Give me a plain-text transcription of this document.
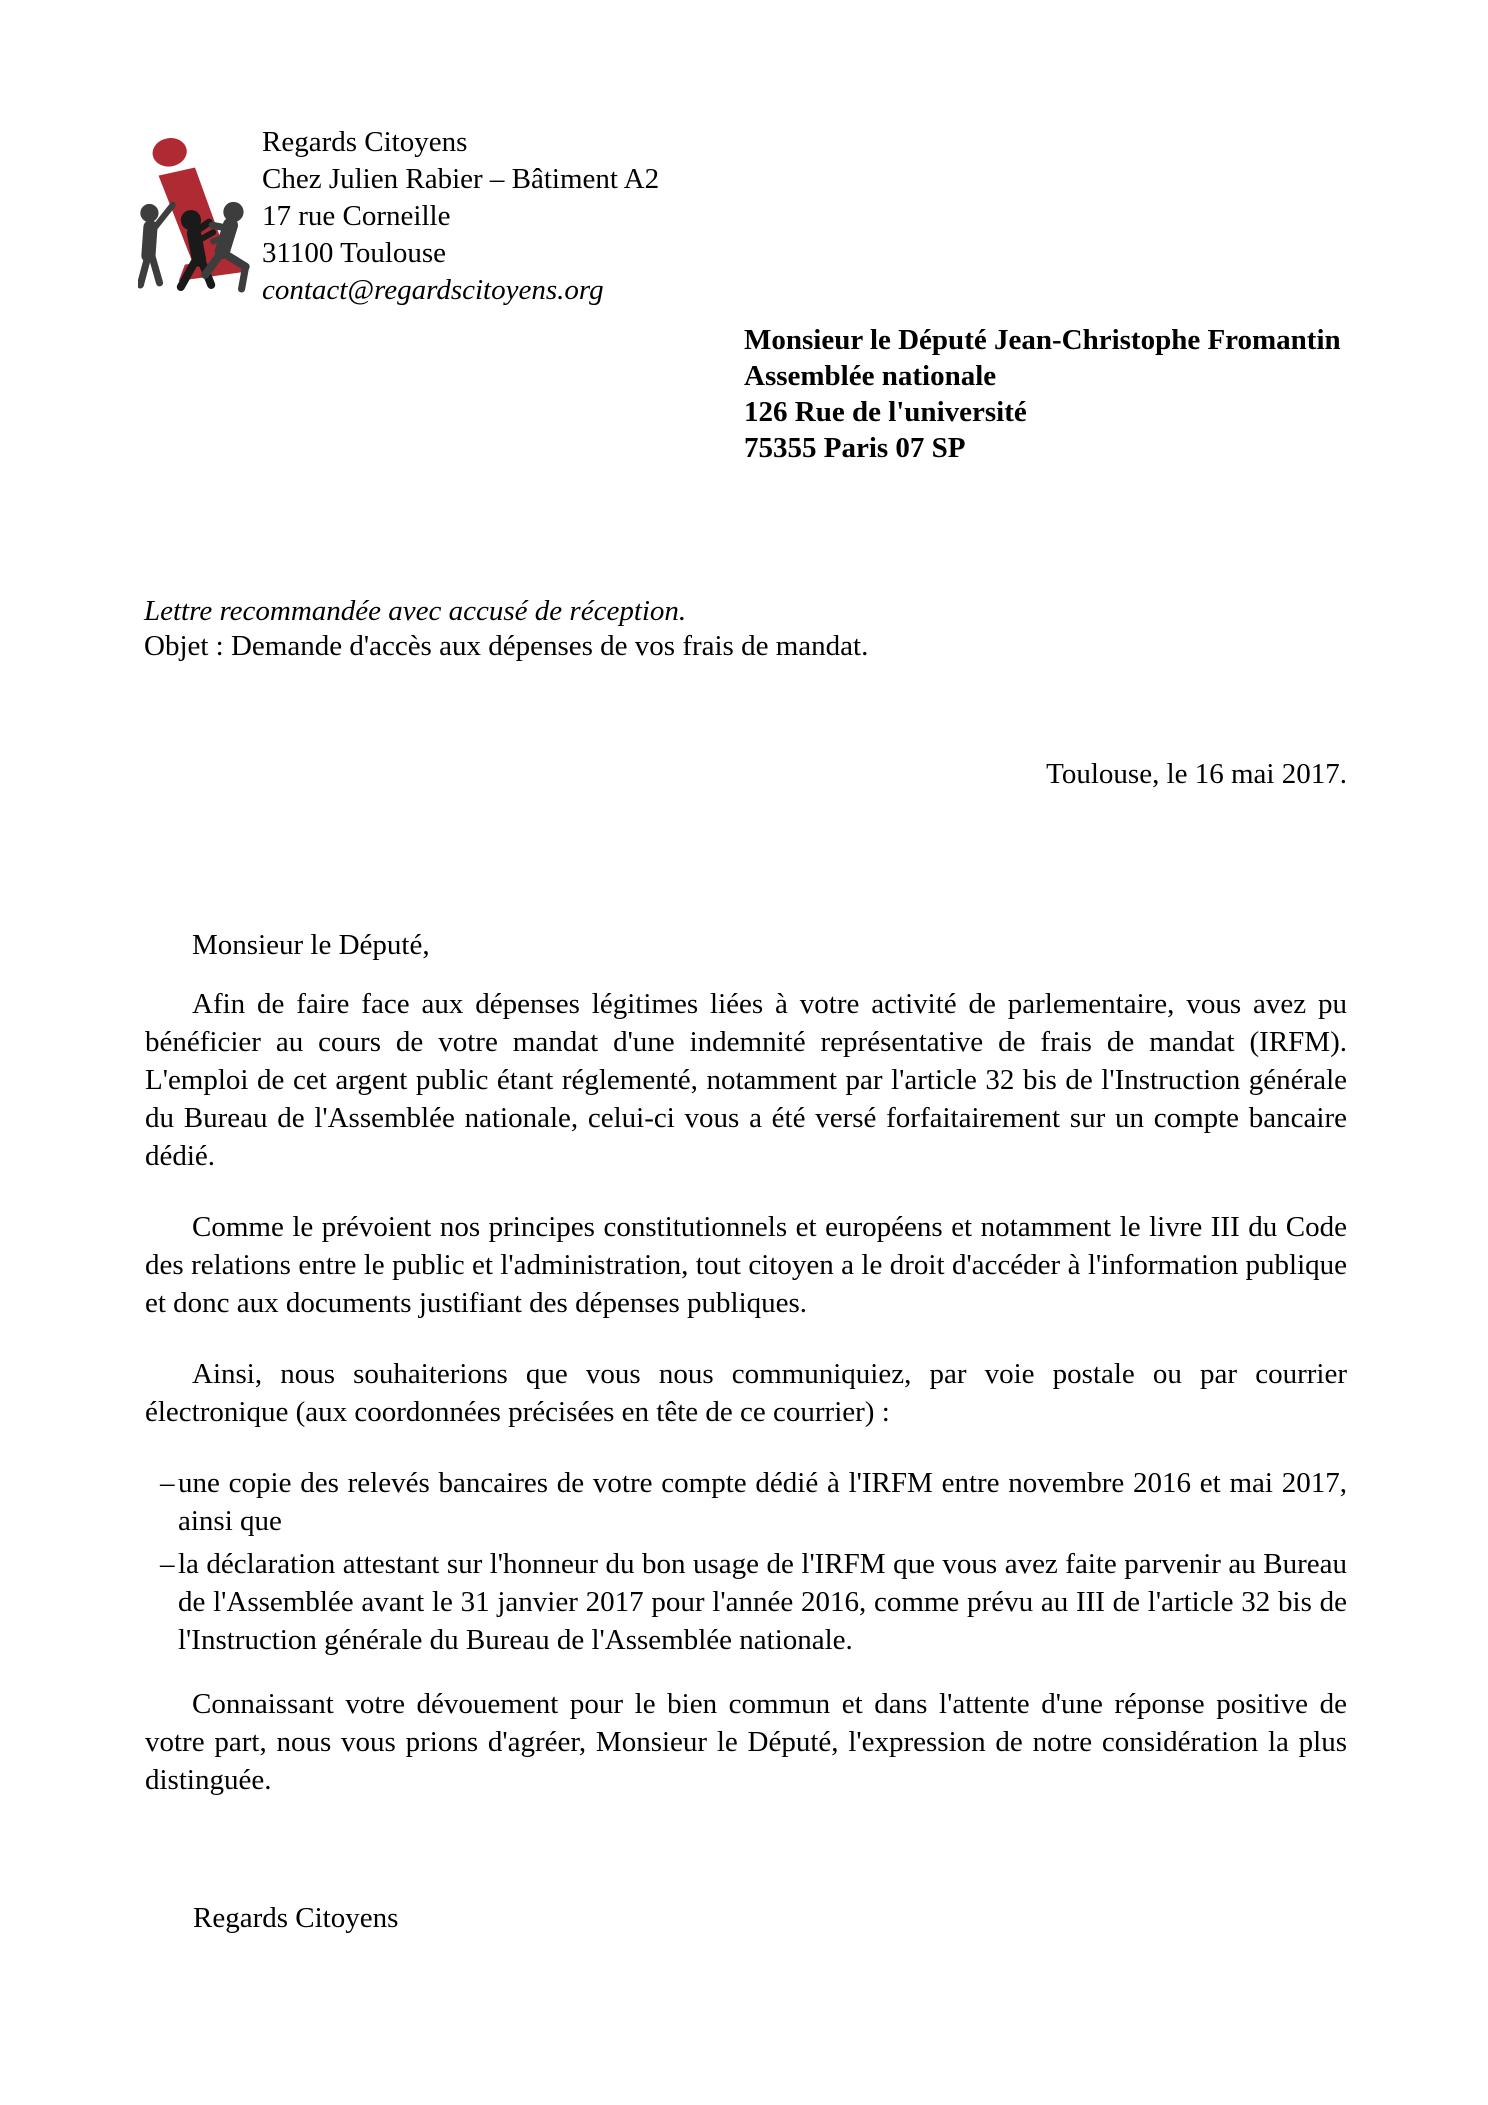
Regards Citoyens
Chez Julien Rabier – Bâtiment A2
17 rue Corneille
31100 Toulouse
contact@regardscitoyens.org
Monsieur le Député Jean-Christophe Fromantin
Assemblée nationale
126 Rue de l'université
75355 Paris 07 SP
Lettre recommandée avec accusé de réception.
Objet : Demande d'accès aux dépenses de vos frais de mandat.
Toulouse, le 16 mai 2017.

Monsieur le Député,

Afin de faire face aux dépenses légitimes liées à votre activité de parlementaire, vous avez pu bénéficier au cours de votre mandat d'une indemnité représentative de frais de mandat (IRFM). L'emploi de cet argent public étant réglementé, notamment par l'article 32 bis de l'Instruction générale du Bureau de l'Assemblée nationale, celui-ci vous a été versé forfaitairement sur un compte bancaire dédié.

Comme le prévoient nos principes constitutionnels et européens et notamment le livre III du Code des relations entre le public et l'administration, tout citoyen a le droit d'accéder à l'information publique et donc aux documents justifiant des dépenses publiques.

Ainsi, nous souhaiterions que vous nous communiquiez, par voie postale ou par courrier électronique (aux coordonnées précisées en tête de ce courrier) :

– une copie des relevés bancaires de votre compte dédié à l'IRFM entre novembre 2016 et mai 2017, ainsi que
– la déclaration attestant sur l'honneur du bon usage de l'IRFM que vous avez faite parvenir au Bureau de l'Assemblée avant le 31 janvier 2017 pour l'année 2016, comme prévu au III de l'article 32 bis de l'Instruction générale du Bureau de l'Assemblée nationale.

Connaissant votre dévouement pour le bien commun et dans l'attente d'une réponse positive de votre part, nous vous prions d'agréer, Monsieur le Député, l'expression de notre considération la plus distinguée.

Regards Citoyens
